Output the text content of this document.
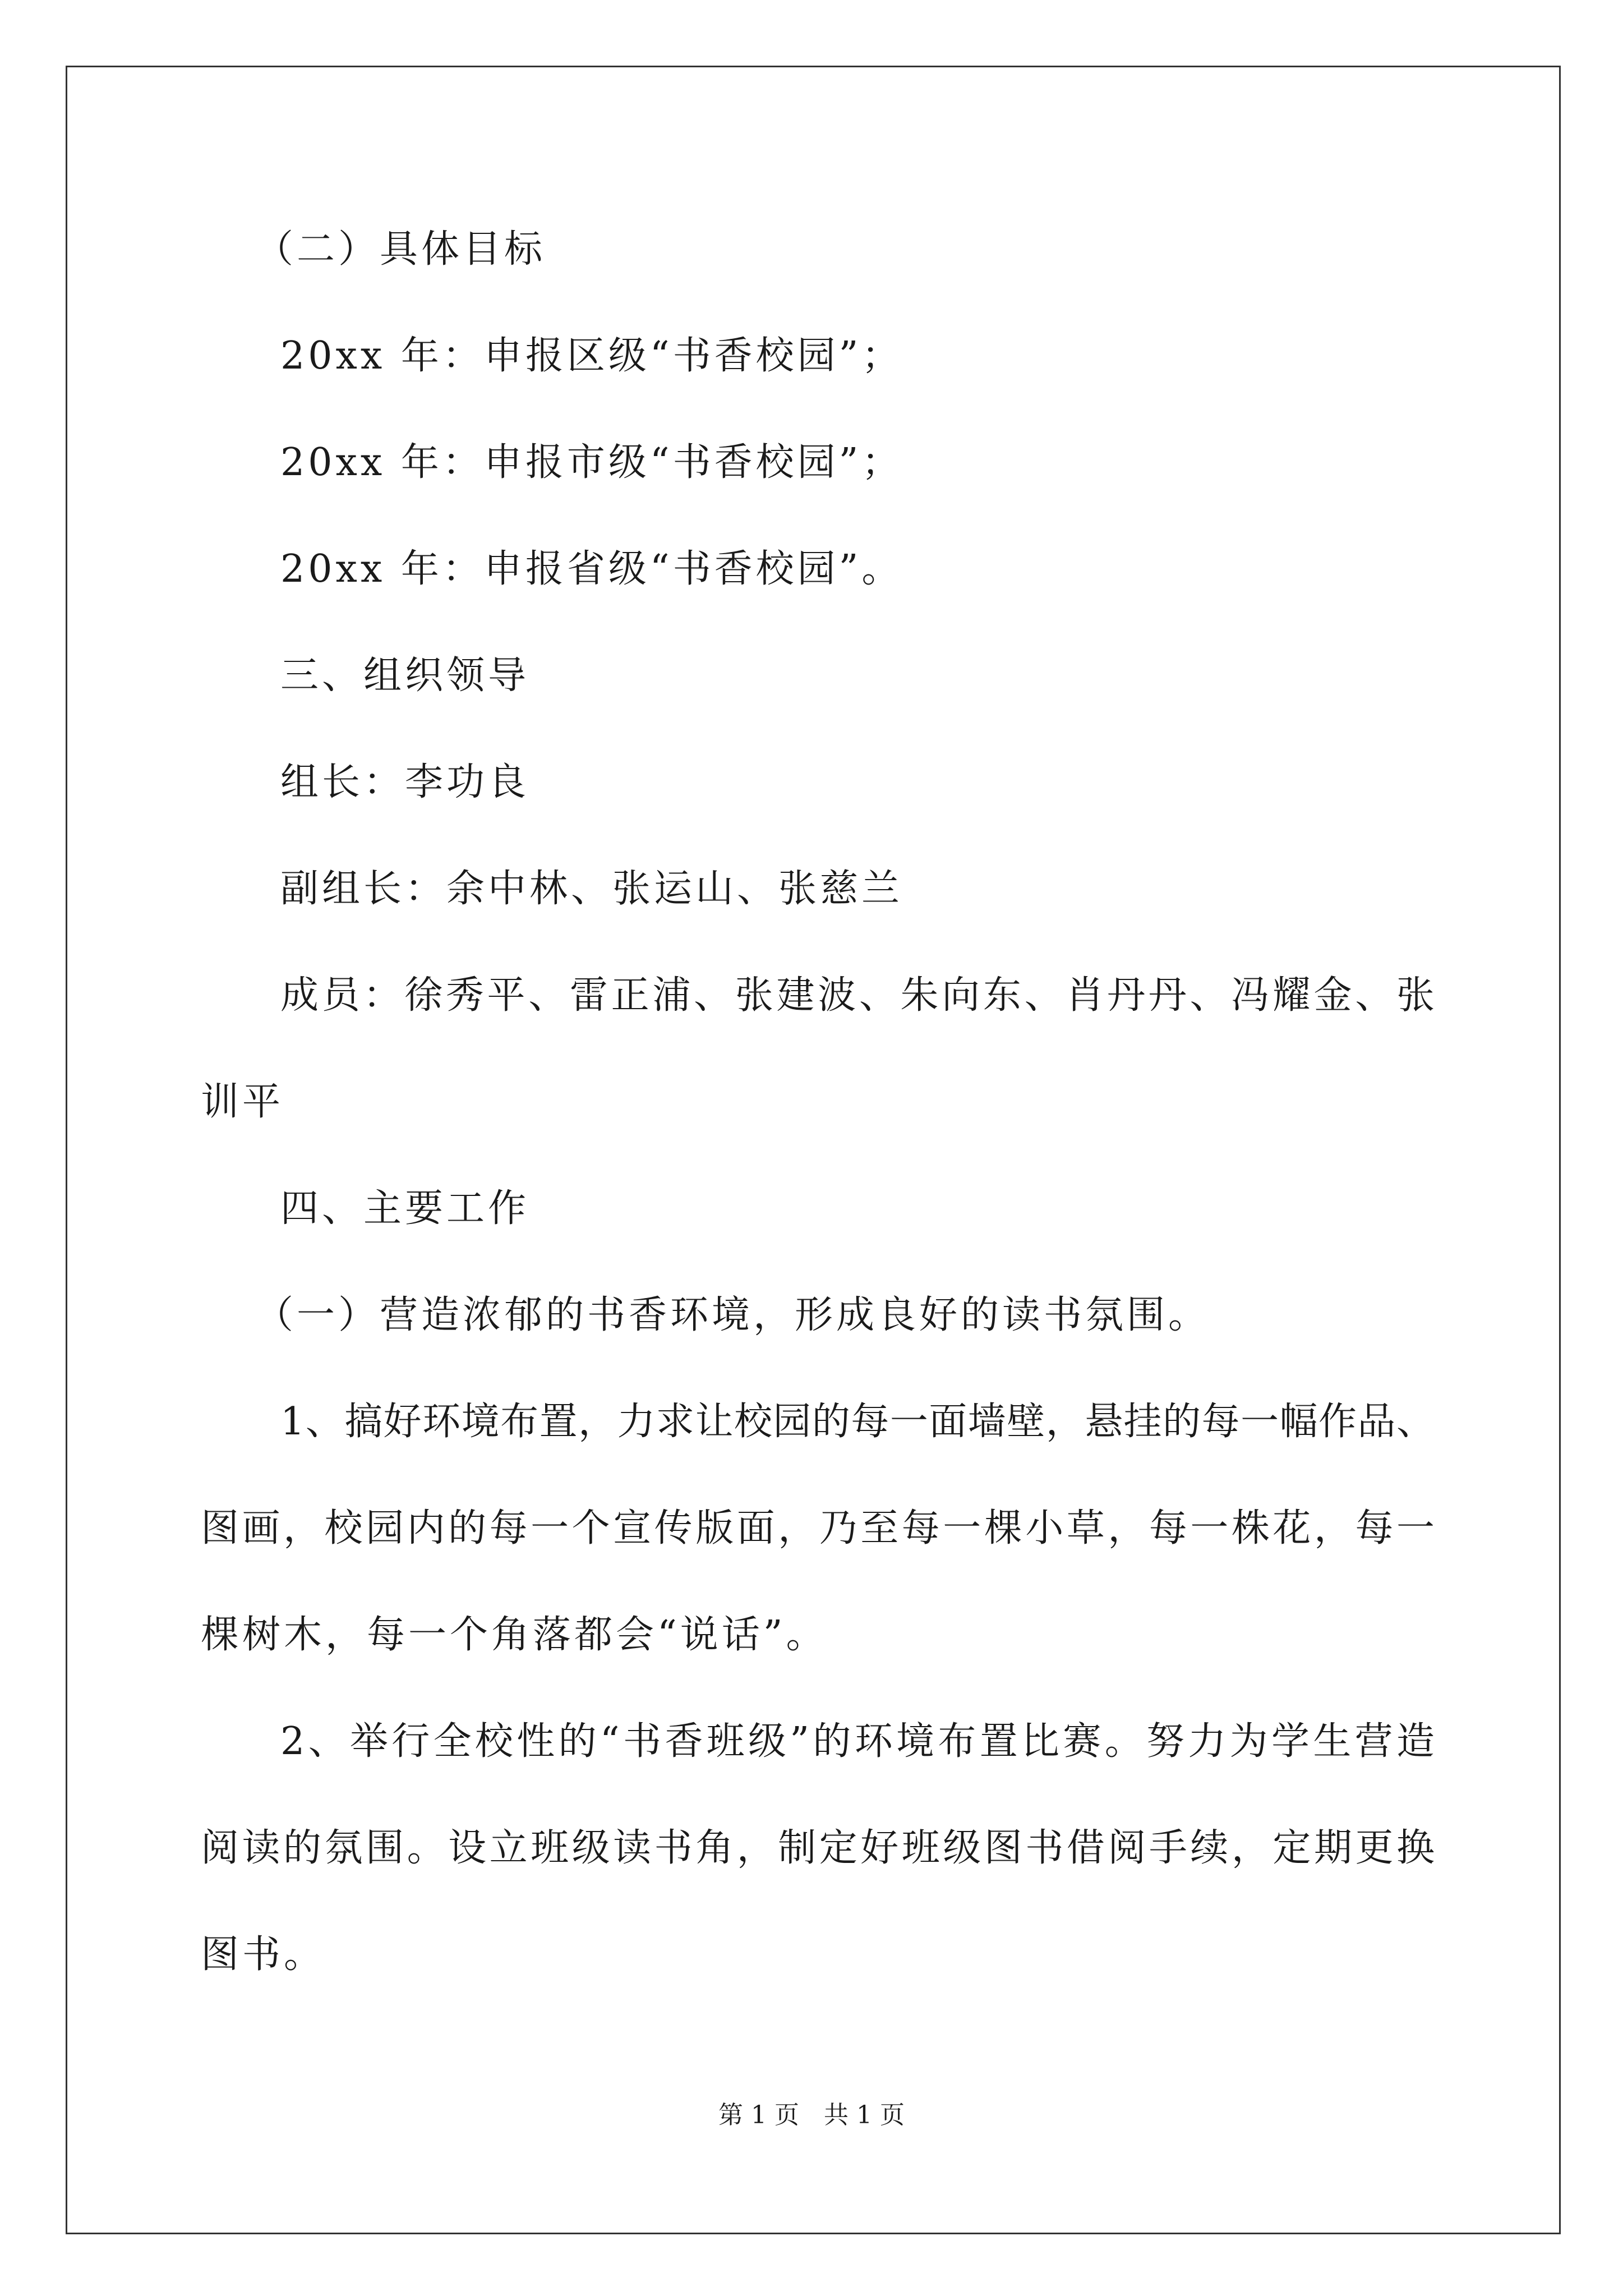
（二）具体目标

20xx 年：申报区级“书香校园”；

20xx 年：申报市级“书香校园”；

20xx 年：申报省级“书香校园”。

三、组织领导

组长：李功良

副组长：余中林、张运山、张慈兰

成员：徐秀平、雷正浦、张建波、朱向东、肖丹丹、冯耀金、张

训平

四、主要工作

（一）营造浓郁的书香环境，形成良好的读书氛围。

1、搞好环境布置，力求让校园的每一面墙壁，悬挂的每一幅作品、

图画，校园内的每一个宣传版面，乃至每一棵小草，每一株花，每一

棵树木，每一个角落都会“说话”。

2、举行全校性的“书香班级”的环境布置比赛。努力为学生营造

阅读的氛围。设立班级读书角，制定好班级图书借阅手续，定期更换

图书。

第 1 页　共 1 页
